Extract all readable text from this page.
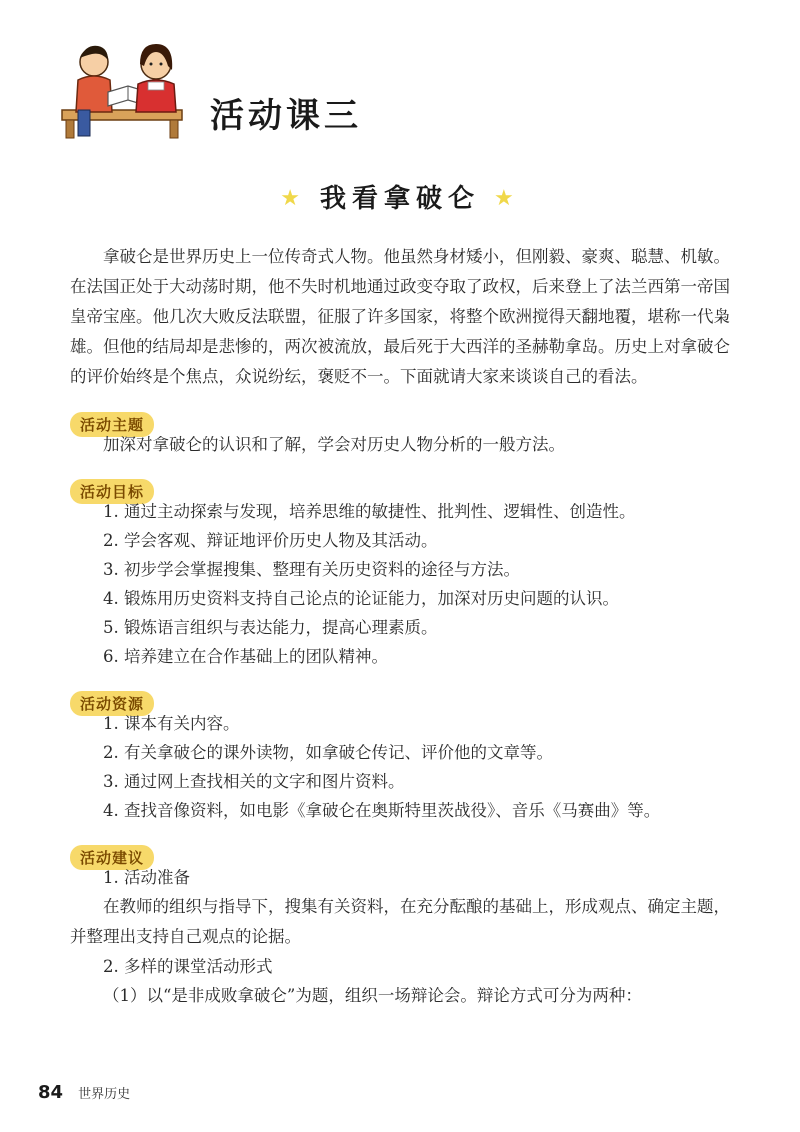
活动课三
★ 我看拿破仑 ★

拿破仑是世界历史上一位传奇式人物。他虽然身材矮小，但刚毅、豪爽、聪慧、机敏。在法国正处于大动荡时期，他不失时机地通过政变夺取了政权，后来登上了法兰西第一帝国皇帝宝座。他几次大败反法联盟，征服了许多国家，将整个欧洲搅得天翻地覆，堪称一代枭雄。但他的结局却是悲惨的，两次被流放，最后死于大西洋的圣赫勒拿岛。历史上对拿破仑的评价始终是个焦点，众说纷纭，褒贬不一。下面就请大家来谈谈自己的看法。

活动主题

加深对拿破仑的认识和了解，学会对历史人物分析的一般方法。

活动目标

1. 通过主动探索与发现，培养思维的敏捷性、批判性、逻辑性、创造性。

2. 学会客观、辩证地评价历史人物及其活动。

3. 初步学会掌握搜集、整理有关历史资料的途径与方法。

4. 锻炼用历史资料支持自己论点的论证能力，加深对历史问题的认识。

5. 锻炼语言组织与表达能力，提高心理素质。

6. 培养建立在合作基础上的团队精神。

活动资源

1. 课本有关内容。

2. 有关拿破仑的课外读物，如拿破仑传记、评价他的文章等。

3. 通过网上查找相关的文字和图片资料。

4. 查找音像资料，如电影《拿破仑在奥斯特里茨战役》、音乐《马赛曲》等。

活动建议

1. 活动准备

在教师的组织与指导下，搜集有关资料，在充分酝酿的基础上，形成观点、确定主题，并整理出支持自己观点的论据。

2. 多样的课堂活动形式

（1）以“是非成败拿破仑”为题，组织一场辩论会。辩论方式可分为两种：

84 世界历史
